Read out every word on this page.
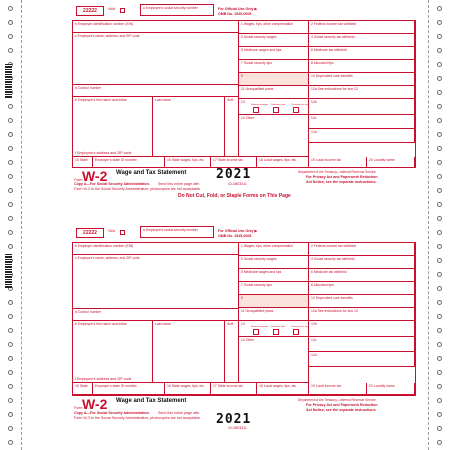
22222	Void	a Employee's social security number	For Official Use Only ▶
OMB No. 1545-0008
b Employer identification number (EIN)
c Employer's name, address, and ZIP code
d Control number
e Employee's first name and initial	Last name	Suff.
f Employee's address and ZIP code
1 Wages, tips, other compensation	2 Federal income tax withheld
3 Social security wages	4 Social security tax withheld
5 Medicare wages and tips	6 Medicare tax withheld
7 Social security tips	8 Allocated tips
9	10 Dependent care benefits
11 Nonqualified plans	12a See instructions for box 12
13
Statutory employee Retirement plan	Third-party sick pay
12b
14 Other	12c
12d
15 State Employer's state ID number	16 State wages, tips, etc. 17 State income tax	18 Local wages, tips, etc.	19 Local income tax	20 Locality name
Form W-2 Wage and Tax Statement 2021	Department of the Treasury—Internal Revenue Service
For Privacy Act and Paperwork Reduction
Act Notice, see the separate instructions.
Copy A—For Social Security Administration. Send this entire page with
Form W-3 to the Social Security Administration; photocopies are not acceptable.
41-0803411
Do Not Cut, Fold, or Staple Forms on This Page
22222	Void	a Employee's social security number	For Official Use Only ▶
OMB No. 1545-0008
b Employer identification number (EIN)
c Employer's name, address, and ZIP code
d Control number
e Employee's first name and initial	Last name	Suff.
f Employee's address and ZIP code
1 Wages, tips, other compensation	2 Federal income tax withheld
3 Social security wages	4 Social security tax withheld
5 Medicare wages and tips	6 Medicare tax withheld
7 Social security tips	8 Allocated tips
9	10 Dependent care benefits
11 Nonqualified plans	12a See instructions for box 12
13
Statutory employee Retirement plan	Third-party sick pay
12b
14 Other	12c
12d
15 State Employer's state ID number	16 State wages, tips, etc. 17 State income tax	18 Local wages, tips, etc.	19 Local income tax	20 Locality name
Form W-2 Wage and Tax Statement
2021
Department of the Treasury—Internal Revenue Service
For Privacy Act and Paperwork Reduction
Act Notice, see the separate instructions.
Copy A—For Social Security Administration. Send this entire page with
Form W-3 to the Social Security Administration; photocopies are not acceptable.
41-0803411
